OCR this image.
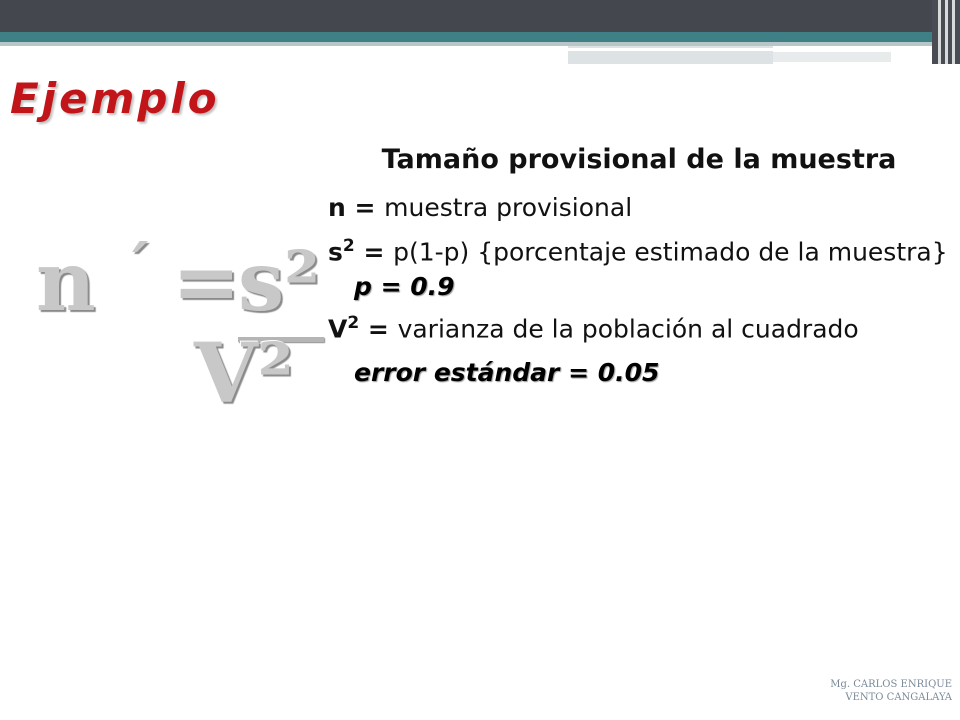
Ejemplo
n ´ =
s²
V²
Tamaño provisional de la muestra
n = muestra provisional
$s^2 = p(1-p)$ {porcentaje estimado de la muestra}
p = 0.9
$V^2$ = varianza de la población al cuadrado
error estándar = 0.05
Mg. CARLOS ENRIQUE
VENTO CANGALAYA
